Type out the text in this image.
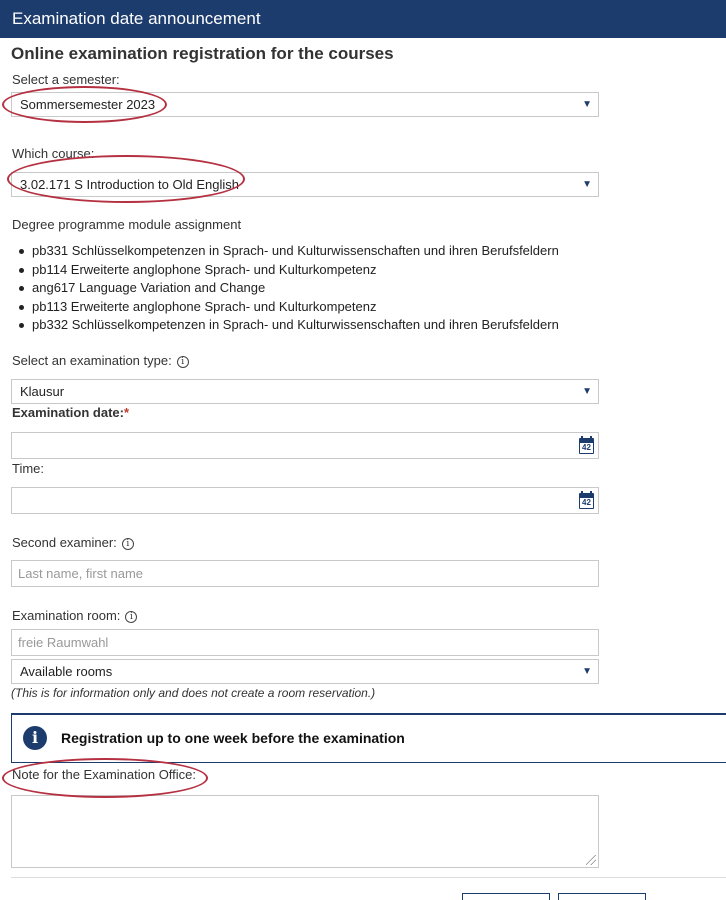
Examination date announcement
Online examination registration for the courses
Select a semester:
Sommersemester 2023	▼
Which course:
3.02.171 S Introduction to Old English	▼
Degree programme module assignment
pb331 Schlüsselkompetenzen in Sprach- und Kulturwissenschaften und ihren Berufsfeldern
pb114 Erweiterte anglophone Sprach- und Kulturkompetenz
ang617 Language Variation and Change
pb113 Erweiterte anglophone Sprach- und Kulturkompetenz
pb332 Schlüsselkompetenzen in Sprach- und Kulturwissenschaften und ihren Berufsfeldern
Select an examination type: i
Klausur	▼
Examination date:*
42
Time:
42
Second examiner: i
Last name, first name
Examination room: i
freie Raumwahl
Available rooms	▼
(This is for information only and does not create a room reservation.)
i	Registration up to one week before the examination
Note for the Examination Office:
